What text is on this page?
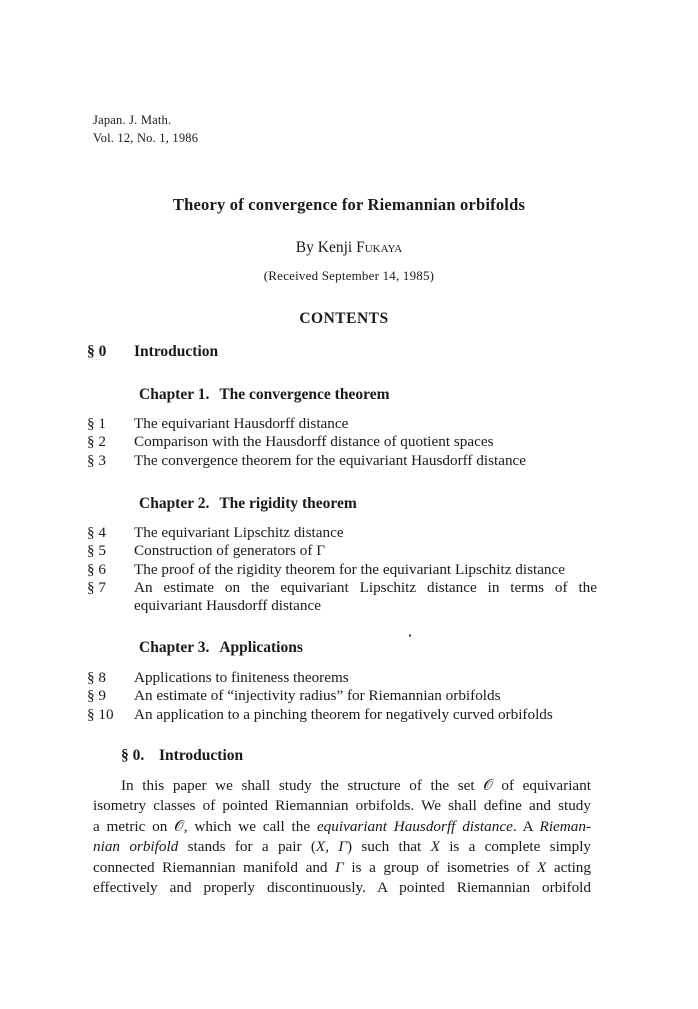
Japan. J. Math.
Vol. 12, No. 1, 1986
Theory of convergence for Riemannian orbifolds
By Kenji Fukaya
(Received September 14, 1985)
CONTENTS
§ 0 Introduction
Chapter 1. The convergence theorem
§ 1	The equivariant Hausdorff distance
§ 2	Comparison with the Hausdorff distance of quotient spaces
§ 3	The convergence theorem for the equivariant Hausdorff distance
Chapter 2. The rigidity theorem
§ 4	The equivariant Lipschitz distance
§ 5	Construction of generators of Γ
§ 6	The proof of the rigidity theorem for the equivariant Lipschitz distance
§ 7	An estimate on the equivariant Lipschitz distance in terms of the
equivariant Hausdorff distance
Chapter 3. Applications
§ 8	Applications to finiteness theorems
§ 9	An estimate of “injectivity radius” for Riemannian orbifolds
§ 10	An application to a pinching theorem for negatively curved orbifolds
§ 0. Introduction
In this paper we shall study the structure of the set 𝒪 of equivariant
isometry classes of pointed Riemannian orbifolds. We shall define and study
a metric on 𝒪, which we call the equivariant Hausdorff distance. A Rieman-
nian orbifold stands for a pair (X, Γ) such that X is a complete simply
connected Riemannian manifold and Γ is a group of isometries of X acting
effectively and properly discontinuously. A pointed Riemannian orbifold
